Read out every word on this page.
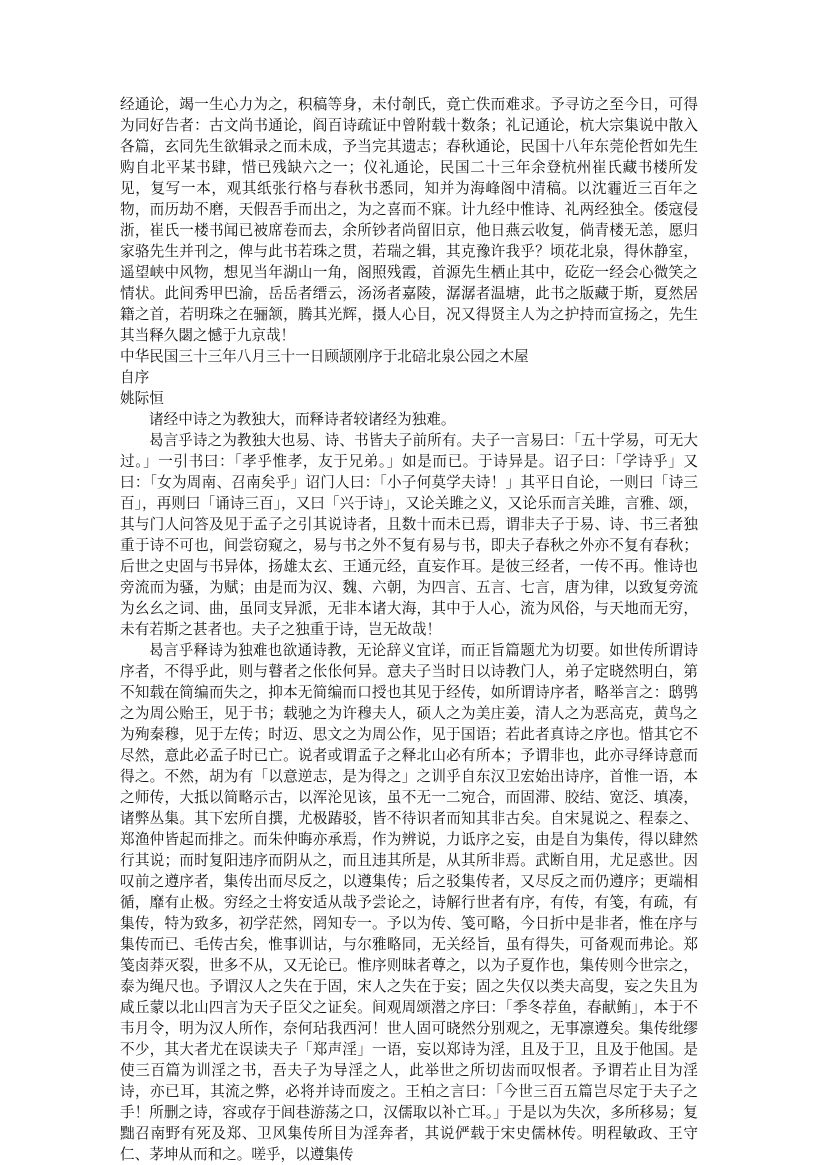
经通论，竭一生心力为之，积稿等身，未付剞氏，竟亡佚而难求。予寻访之至今日，可得为同好告者：古文尚书通论，阎百诗疏证中曾附载十数条；礼记通论，杭大宗集说中散入各篇，玄同先生欲辑录之而未成，予当完其遗志；春秋通论，民国十八年东莞伦哲如先生购自北平某书肆，惜已残缺六之一；仪礼通论，民国二十三年余登杭州崔氏藏书楼所发见，复写一本，观其纸张行格与春秋书悉同，知并为海峰阁中清稿。以沈霾近三百年之物，而历劫不磨，天假吾手而出之，为之喜而不寐。计九经中惟诗、礼两经独全。倭寇侵浙，崔氏一楼书闻已被席卷而去，余所钞者尚留旧京，他日燕云收复，倘青楼无恙，愿归家骆先生并刊之，俾与此书若珠之贯，若瑞之辑，其克豫许我乎？顷花北泉，得休静室，遥望峡中风物，想见当年湖山一角，阁照残霞，首源先生栖止其中，矻矻一经会心微笑之情状。此间秀甲巴渝，岳岳者缙云，汤汤者嘉陵，潺潺者温塘，此书之版藏于斯，夏然居籍之首，若明珠之在骊颔，腾其光辉，摄人心目，况又得贤主人为之护持而宣扬之，先生其当释久閟之憾于九京哉！

中华民国三十三年八月三十一日顾颉刚序于北碚北泉公园之木屋

自序

姚际恒

诸经中诗之为教独大，而释诗者较诸经为独难。

曷言乎诗之为教独大也易、诗、书皆夫子前所有。夫子一言易曰：「五十学易，可无大过。」一引书曰：「孝乎惟孝，友于兄弟。」如是而已。于诗异是。诏子曰：「学诗乎」又曰：「女为周南、召南矣乎」诏门人曰：「小子何莫学夫诗！」其平日自论，一则曰「诗三百」，再则曰「诵诗三百」，又曰「兴于诗」，又论关雎之义，又论乐而言关雎，言雅、颂，其与门人问答及见于孟子之引其说诗者，且数十而未已焉，谓非夫子于易、诗、书三者独重于诗不可也，间尝窃窥之，易与书之外不复有易与书，即夫子春秋之外亦不复有春秋；后世之史固与书异体，扬雄太玄、王通元经，直妄作耳。是彼三经者，一传不再。惟诗也旁流而为骚，为赋；由是而为汉、魏、六朝，为四言、五言、七言，唐为律，以致复旁流为幺幺之词、曲，虽同支异派，无非本诸大海，其中于人心，流为风俗，与天地而无穷，未有若斯之甚者也。夫子之独重于诗，岂无故哉！

曷言乎释诗为独难也欲通诗教，无论辞义宜详，而正旨篇题尤为切要。如世传所谓诗序者，不得乎此，则与瞽者之伥伥何异。意夫子当时日以诗教门人，弟子定晓然明白，第不知载在简编而失之，抑本无简编而口授也其见于经传，如所谓诗序者，略举言之：鸱鸮之为周公贻王，见于书；载驰之为许穆夫人，硕人之为美庄姜，清人之为恶高克，黄鸟之为殉秦穆，见于左传；时迈、思文之为周公作，见于国语；若此者真诗之序也。惜其它不尽然，意此必孟子时已亡。说者或谓孟子之释北山必有所本；予谓非也，此亦寻绎诗意而得之。不然，胡为有「以意逆志，是为得之」之训乎自东汉卫宏始出诗序，首惟一语，本之师传，大抵以简略示古，以浑沦见该，虽不无一二宛合，而固滞、胶结、宽泛、填凑，诸弊丛集。其下宏所自撰，尤极踳驳，皆不待识者而知其非古矣。自宋晁说之、程泰之、郑渔仲皆起而排之。而朱仲晦亦承焉，作为辨说，力诋序之妄，由是自为集传，得以肆然行其说；而时复阳违序而阴从之，而且违其所是，从其所非焉。武断自用，尤足惑世。因叹前之遵序者，集传出而尽反之，以遵集传；后之驳集传者，又尽反之而仍遵序；更端相循，靡有止极。穷经之士将安适从哉予尝论之，诗解行世者有序，有传，有笺，有疏，有集传，特为致多，初学茫然，罔知专一。予以为传、笺可略，今日折中是非者，惟在序与集传而已、毛传古矣，惟事训诂，与尔雅略同，无关经旨，虽有得失，可备观而弗论。郑笺卤莽灭裂，世多不从，又无论已。惟序则昧者尊之，以为子夏作也，集传则今世宗之，泰为绳尺也。予谓汉人之失在于固，宋人之失在于妄；固之失仅以类夫高叟，妄之失且为咸丘蒙以北山四言为天子臣父之证矣。间观周颂潜之序曰：「季冬荐鱼，春献鲔」，本于不韦月令，明为汉人所作，奈何玷我西河！世人固可晓然分别观之，无事凛遵矣。集传纰缪不少，其大者尤在误读夫子「郑声淫」一语，妄以郑诗为淫，且及于卫，且及于他国。是使三百篇为训淫之书，吾夫子为导淫之人，此举世之所切齿而叹恨者。予谓若止目为淫诗，亦已耳，其流之弊，必将并诗而废之。王柏之言曰：「今世三百五篇岂尽定于夫子之手！所删之诗，容或存于闾巷游荡之口，汉儒取以补亡耳。」于是以为失次，多所移易；复黜召南野有死及郑、卫风集传所目为淫奔者，其说俨载于宋史儒林传。明程敏政、王守仁、茅坤从而和之。嗟乎，以遵集传
